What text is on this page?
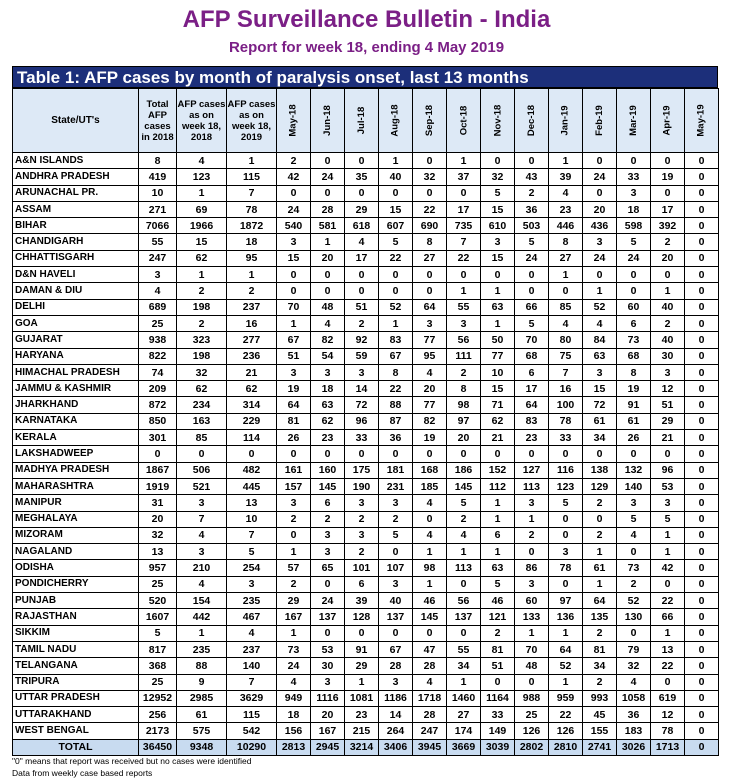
AFP Surveillance Bulletin - India
Report for week 18, ending 4 May 2019
Table 1: AFP cases by month of paralysis onset, last 13 months
State/UT's	Total AFP cases in 2018	AFP cases as on week 18, 2018	AFP cases as on week 18, 2019	May-18	Jun-18	Jul-18	Aug-18	Sep-18	Oct-18	Nov-18	Dec-18	Jan-19	Feb-19	Mar-19	Apr-19	May-19
A&N ISLANDS	8	4	1	2	0	0	1	0	1	0	0	1	0	0	0	0
ANDHRA PRADESH	419	123	115	42	24	35	40	32	37	32	43	39	24	33	19	0
ARUNACHAL PR.	10	1	7	0	0	0	0	0	0	5	2	4	0	3	0	0
ASSAM	271	69	78	24	28	29	15	22	17	15	36	23	20	18	17	0
BIHAR	7066	1966	1872	540	581	618	607	690	735	610	503	446	436	598	392	0
CHANDIGARH	55	15	18	3	1	4	5	8	7	3	5	8	3	5	2	0
CHHATTISGARH	247	62	95	15	20	17	22	27	22	15	24	27	24	24	20	0
D&N HAVELI	3	1	1	0	0	0	0	0	0	0	0	1	0	0	0	0
DAMAN & DIU	4	2	2	0	0	0	0	0	1	1	0	0	1	0	1	0
DELHI	689	198	237	70	48	51	52	64	55	63	66	85	52	60	40	0
GOA	25	2	16	1	4	2	1	3	3	1	5	4	4	6	2	0
GUJARAT	938	323	277	67	82	92	83	77	56	50	70	80	84	73	40	0
HARYANA	822	198	236	51	54	59	67	95	111	77	68	75	63	68	30	0
HIMACHAL PRADESH	74	32	21	3	3	3	8	4	2	10	6	7	3	8	3	0
JAMMU & KASHMIR	209	62	62	19	18	14	22	20	8	15	17	16	15	19	12	0
JHARKHAND	872	234	314	64	63	72	88	77	98	71	64	100	72	91	51	0
KARNATAKA	850	163	229	81	62	96	87	82	97	62	83	78	61	61	29	0
KERALA	301	85	114	26	23	33	36	19	20	21	23	33	34	26	21	0
LAKSHADWEEP	0	0	0	0	0	0	0	0	0	0	0	0	0	0	0	0
MADHYA PRADESH	1867	506	482	161	160	175	181	168	186	152	127	116	138	132	96	0
MAHARASHTRA	1919	521	445	157	145	190	231	185	145	112	113	123	129	140	53	0
MANIPUR	31	3	13	3	6	3	3	4	5	1	3	5	2	3	3	0
MEGHALAYA	20	7	10	2	2	2	2	0	2	1	1	0	0	5	5	0
MIZORAM	32	4	7	0	3	3	5	4	4	6	2	0	2	4	1	0
NAGALAND	13	3	5	1	3	2	0	1	1	1	0	3	1	0	1	0
ODISHA	957	210	254	57	65	101	107	98	113	63	86	78	61	73	42	0
PONDICHERRY	25	4	3	2	0	6	3	1	0	5	3	0	1	2	0	0
PUNJAB	520	154	235	29	24	39	40	46	56	46	60	97	64	52	22	0
RAJASTHAN	1607	442	467	167	137	128	137	145	137	121	133	136	135	130	66	0
SIKKIM	5	1	4	1	0	0	0	0	0	2	1	1	2	0	1	0
TAMIL NADU	817	235	237	73	53	91	67	47	55	81	70	64	81	79	13	0
TELANGANA	368	88	140	24	30	29	28	28	34	51	48	52	34	32	22	0
TRIPURA	25	9	7	4	3	1	3	4	1	0	0	1	2	4	0	0
UTTAR PRADESH	12952	2985	3629	949	1116	1081	1186	1718	1460	1164	988	959	993	1058	619	0
UTTARAKHAND	256	61	115	18	20	23	14	28	27	33	25	22	45	36	12	0
WEST BENGAL	2173	575	542	156	167	215	264	247	174	149	126	126	155	183	78	0
TOTAL	36450	9348	10290	2813	2945	3214	3406	3945	3669	3039	2802	2810	2741	3026	1713	0
"0" means that report was received but no cases were identified
Data from weekly case based reports
